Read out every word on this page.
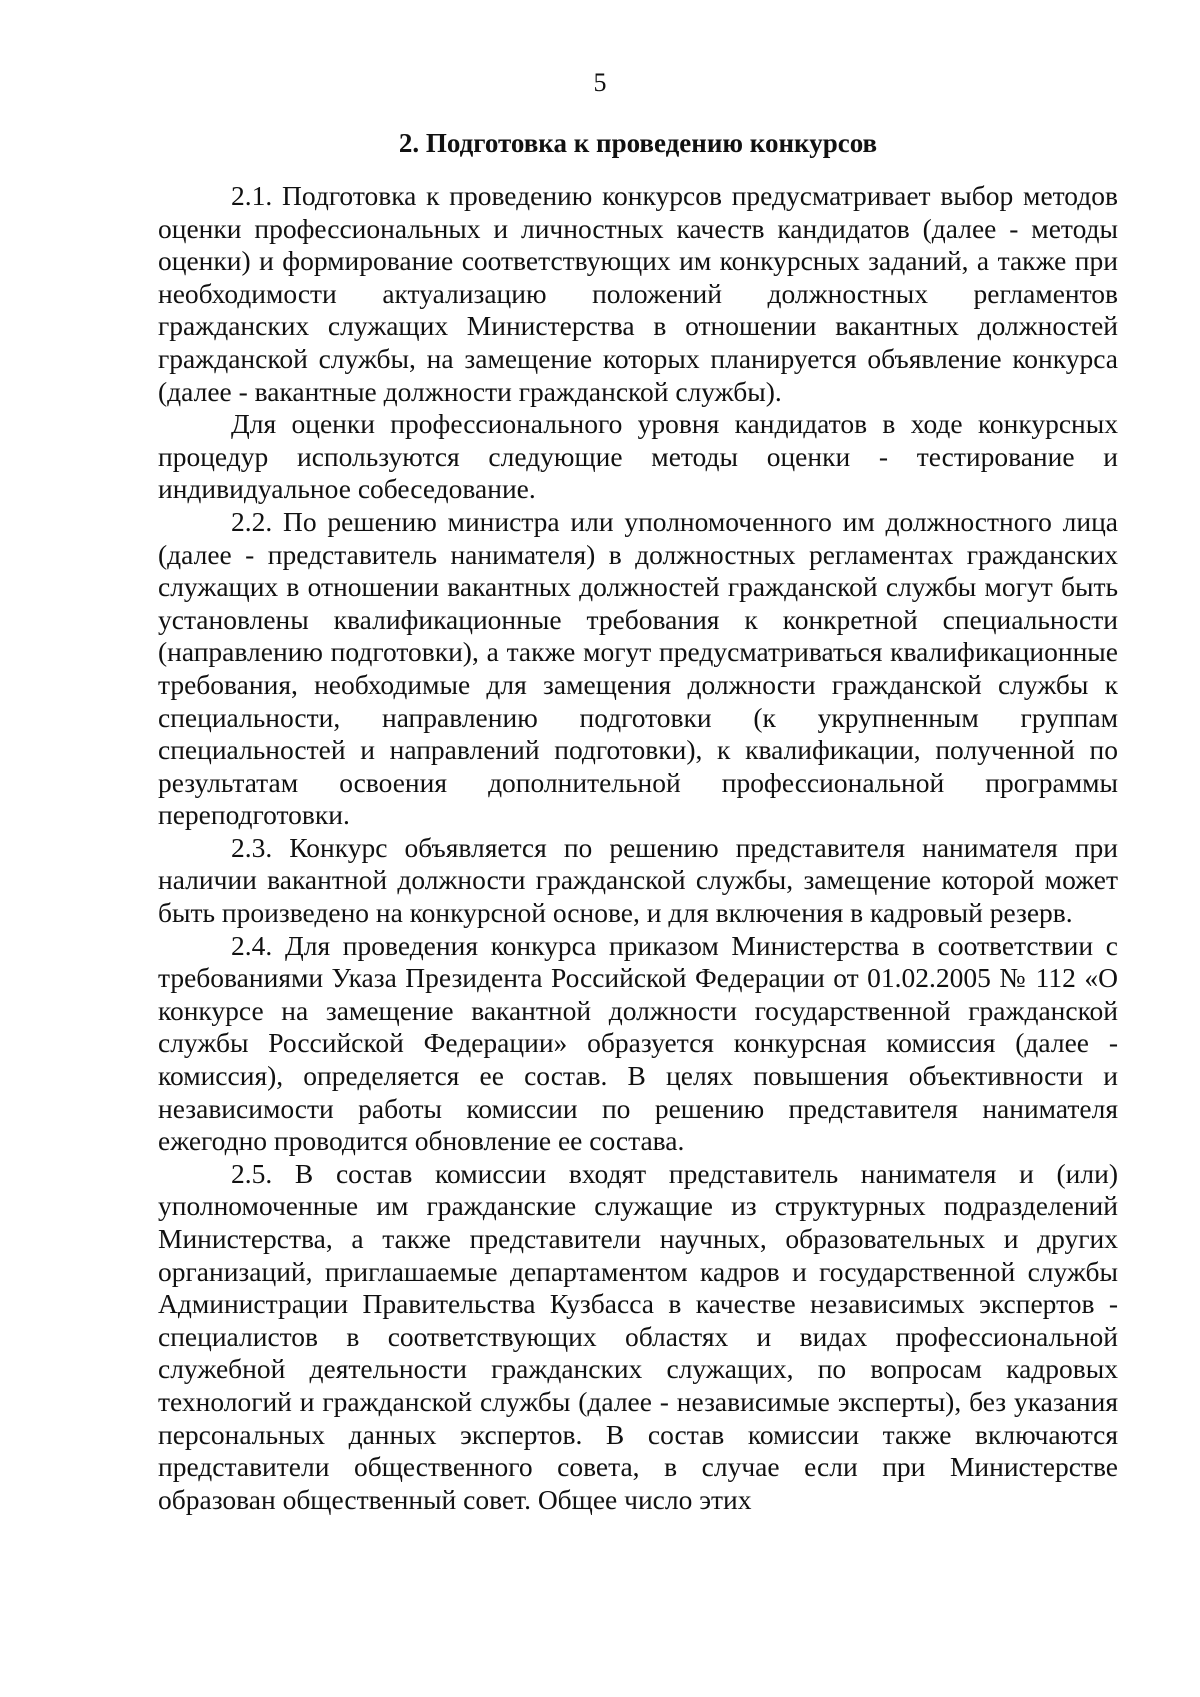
5
2. Подготовка к проведению конкурсов

2.1. Подготовка к проведению конкурсов предусматривает выбор методов оценки профессиональных и личностных качеств кандидатов (далее - методы оценки) и формирование соответствующих им конкурсных заданий, а также при необходимости актуализацию положений должностных регламентов гражданских служащих Министерства в отношении вакантных должностей гражданской службы, на замещение которых планируется объявление конкурса (далее - вакантные должности гражданской службы).

Для оценки профессионального уровня кандидатов в ходе конкурсных процедур используются следующие методы оценки - тестирование и индивидуальное собеседование.

2.2. По решению министра или уполномоченного им должностного лица (далее - представитель нанимателя) в должностных регламентах гражданских служащих в отношении вакантных должностей гражданской службы могут быть установлены квалификационные требования к конкретной специальности (направлению подготовки), а также могут предусматриваться квалификационные требования, необходимые для замещения должности гражданской службы к специальности, направлению подготовки (к укрупненным группам специальностей и направлений подготовки), к квалификации, полученной по результатам освоения дополнительной профессиональной программы переподготовки.

2.3. Конкурс объявляется по решению представителя нанимателя при наличии вакантной должности гражданской службы, замещение которой может быть произведено на конкурсной основе, и для включения в кадровый резерв.

2.4. Для проведения конкурса приказом Министерства в соответствии с требованиями Указа Президента Российской Федерации от 01.02.2005 № 112 «О конкурсе на замещение вакантной должности государственной гражданской службы Российской Федерации» образуется конкурсная комиссия (далее - комиссия), определяется ее состав. В целях повышения объективности и независимости работы комиссии по решению представителя нанимателя ежегодно проводится обновление ее состава.

2.5. В состав комиссии входят представитель нанимателя и (или) уполномоченные им гражданские служащие из структурных подразделений Министерства, а также представители научных, образовательных и других организаций, приглашаемые департаментом кадров и государственной службы Администрации Правительства Кузбасса в качестве независимых экспертов - специалистов в соответствующих областях и видах профессиональной служебной деятельности гражданских служащих, по вопросам кадровых технологий и гражданской службы (далее - независимые эксперты), без указания персональных данных экспертов. В состав комиссии также включаются представители общественного совета, в случае если при Министерстве образован общественный совет. Общее число этих
